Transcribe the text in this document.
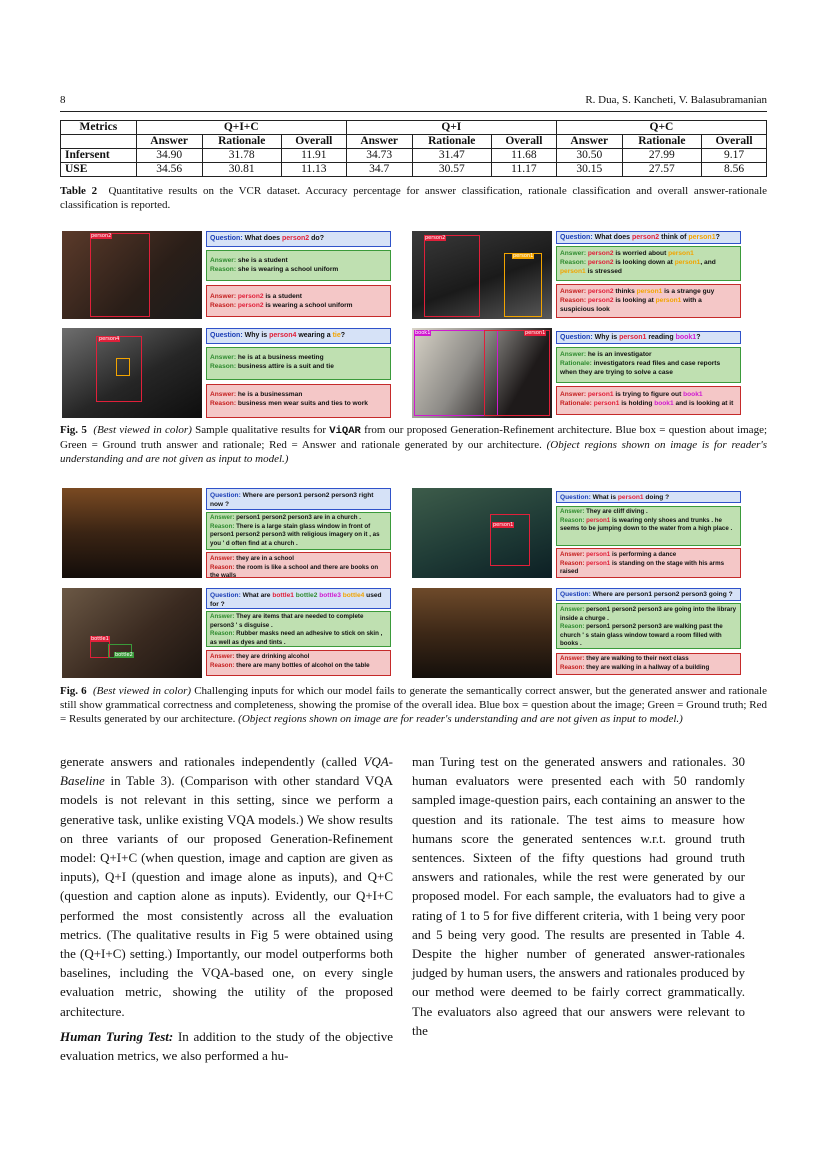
8	R. Dua, S. Kancheti, V. Balasubramanian
Metrics	Q+I+C			Q+I			Q+C		
	Answer	Rationale	Overall	Answer	Rationale	Overall	Answer	Rationale	Overall
Infersent	34.90	31.78	11.91	34.73	31.47	11.68	30.50	27.99	9.17
USE	34.56	30.81	11.13	34.7	30.57	11.17	30.15	27.57	8.56
Table 2 Quantitative results on the VCR dataset. Accuracy percentage for answer classification, rationale classification and overall answer-rationale classification is reported.
person2	Question: What does person2 do?
Answer: she is a student
Reason: she is wearing a school uniform
Answer: person2 is a student
Reason: person2 is wearing a school uniform
person2
person1
Question: What does person2 think of person1?
Answer: person2 is worried about person1
Reason: person2 is looking down at person1, and person1 is stressed
Answer: person2 thinks person1 is a strange guy
Reason: person2 is looking at person1 with a suspicious look
person4	Question: Why is person4 wearing a tie?
Answer: he is at a business meeting
Reason: business attire is a suit and tie
Answer: he is a businessman
Reason: business men wear suits and ties to work
book1	person1
Question: Why is person1 reading book1?
Answer: he is an investigator
Rationale: investigators read files and case reports when they are trying to solve a case
Answer: person1 is trying to figure out book1
Rationale: person1 is holding book1 and is looking at it
Fig. 5 (Best viewed in color) Sample qualitative results for ViQAR from our proposed Generation-Refinement architecture. Blue box = question about image; Green = Ground truth answer and rationale; Red = Answer and rationale generated by our architecture. (Object regions shown on image is for reader's understanding and are not given as input to model.)
Question: Where are person1 person2 person3 right now ?
Answer: person1 person2 person3 are in a church .
Reason: There is a large stain glass window in front of person1 person2 person3 with religious imagery on it , as you ' d often find at a church .
Answer: they are in a school
Reason: the room is like a school and there are books on the walls
person1
Question: What is person1 doing ?
Answer: They are cliff diving .
Reason: person1 is wearing only shoes and trunks . he seems to be jumping down to the water from a high place .
Answer: person1 is performing a dance
Reason: person1 is standing on the stage with his arms raised
bottle1
bottle2
Question: What are bottle1 bottle2 bottle3 bottle4 used for ?
Answer: They are items that are needed to complete person3 ' s disguise .
Reason: Rubber masks need an adhesive to stick on skin , as well as dyes and tints .
Answer: they are drinking alcohol
Reason: there are many bottles of alcohol on the table
Question: Where are person1 person2 person3 going ?
Answer: person1 person2 person3 are going into the library inside a churge .
Reason: person1 person2 person3 are walking past the church ' s stain glass window toward a room filled with books .
Answer: they are walking to their next class
Reason: they are walking in a hallway of a building
Fig. 6 (Best viewed in color) Challenging inputs for which our model fails to generate the semantically correct answer, but the generated answer and rationale still show grammatical correctness and completeness, showing the promise of the overall idea. Blue box = question about the image; Green = Ground truth; Red = Results generated by our architecture. (Object regions shown on image are for reader's understanding and are not given as input to model.)

generate answers and rationales independently (called VQA- Baseline in Table 3). (Comparison with other standard VQA models is not relevant in this setting, since we perform a generative task, unlike existing VQA models.) We show results on three variants of our proposed Generation-Refinement model: Q+I+C (when question, image and caption are given as inputs), Q+I (question and image alone as inputs), and Q+C (question and caption alone as inputs). Evidently, our Q+I+C performed the most consistently across all the evaluation metrics. (The qualitative results in Fig 5 were obtained using the (Q+I+C) setting.) Importantly, our model outperforms both baselines, including the VQA-based one, on every single evaluation metric, showing the utility of the proposed architecture.

Human Turing Test: In addition to the study of the objective evaluation metrics, we also performed a hu-

man Turing test on the generated answers and rationales. 30 human evaluators were presented each with 50 randomly sampled image-question pairs, each containing an answer to the question and its rationale. The test aims to measure how humans score the generated sentences w.r.t. ground truth sentences. Sixteen of the fifty questions had ground truth answers and rationales, while the rest were generated by our proposed model. For each sample, the evaluators had to give a rating of 1 to 5 for five different criteria, with 1 being very poor and 5 being very good. The results are presented in Table 4. Despite the higher number of generated answer-rationales judged by human users, the answers and rationales produced by our method were deemed to be fairly correct grammatically. The evaluators also agreed that our answers were relevant to the
